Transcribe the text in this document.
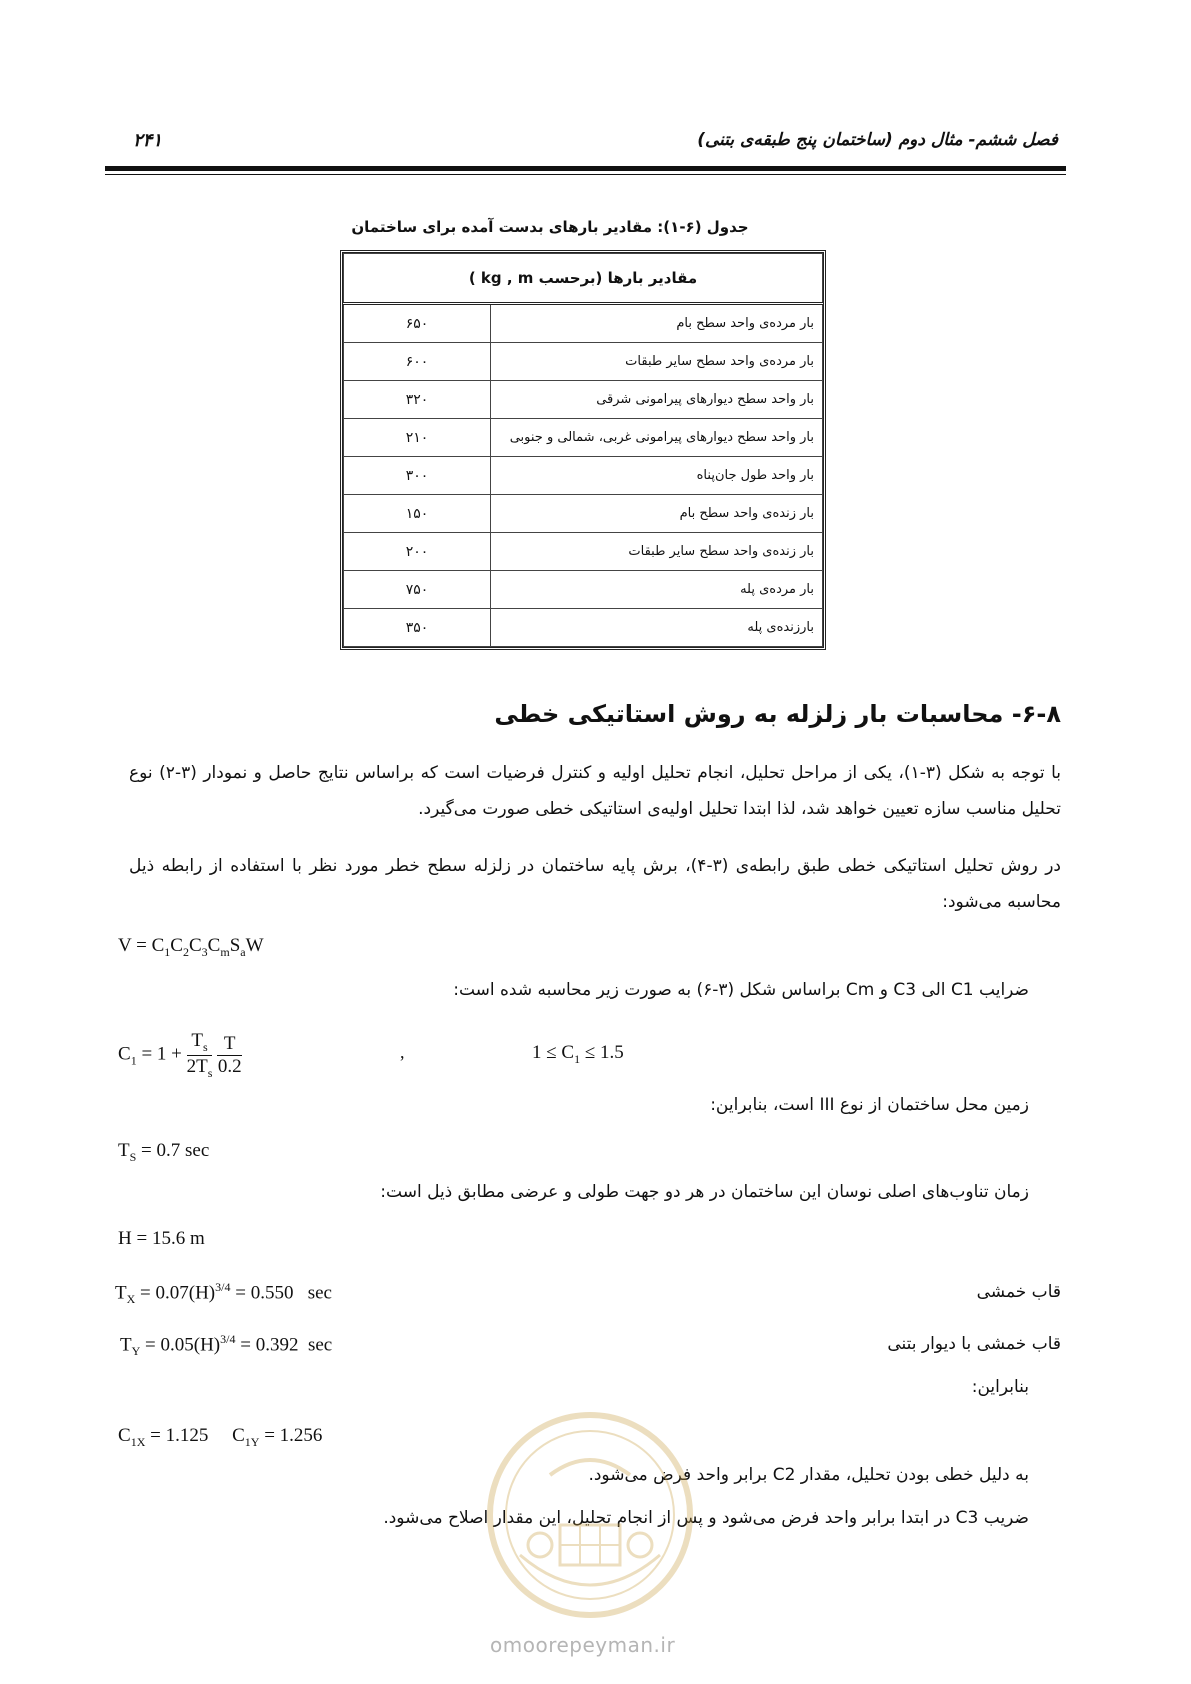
۲۴۱	فصل ششم- مثال دوم (ساختمان پنج طبقه‌ی بتنی)
جدول (۶-۱): مقادیر بارهای بدست آمده برای ساختمان
مقادیر بارها (برحسب kg , m )	
بار مرده‌ی واحد سطح بام	۶۵۰
بار مرده‌ی واحد سطح سایر طبقات	۶۰۰
بار واحد سطح دیوارهای پیرامونی شرقی	۳۲۰
بار واحد سطح دیوارهای پیرامونی غربی، شمالی و جنوبی	۲۱۰
بار واحد طول جان‌پناه	۳۰۰
بار زنده‌ی واحد سطح بام	۱۵۰
بار زنده‌ی واحد سطح سایر طبقات	۲۰۰
بار مرده‌ی پله	۷۵۰
بارزنده‌ی پله	۳۵۰
۶-۸- محاسبات بار زلزله به روش استاتیکی خطی
با توجه به شکل (۳-۱)، یکی از مراحل تحلیل، انجام تحلیل اولیه و کنترل فرضیات است که براساس نتایج حاصل و نمودار (۳-۲) نوع تحلیل مناسب سازه تعیین خواهد شد، لذا ابتدا تحلیل اولیه‌ی استاتیکی خطی صورت می‌گیرد.
در روش تحلیل استاتیکی خطی طبق رابطه‌ی (۳-۴)، برش پایه ساختمان در زلزله سطح خطر مورد نظر با استفاده از رابطه ذیل محاسبه می‌شود:
$V = C_1C_2C_3C_mS_aW$
ضرایب C1 الی C3 و Cm براساس شکل (۳-۶) به صورت زیر محاسبه شده است:
$C_1 = 1 + \frac{T_s}{2T_s}$
$\frac{T}{0.2}$	,	$1 \le C_1 \le 1.5$
زمین محل ساختمان از نوع III است، بنابراین:
$T_S = 0.7$ sec
زمان تناوب‌های اصلی نوسان این ساختمان در هر دو جهت طولی و عرضی مطابق ذیل است:
H = 15.6 m
$T_X = 0.07(H)^{3/4} = 0.550$ sec	قاب خمشی
$T_Y = 0.05(H)^{3/4} = 0.392$ sec	قاب خمشی با دیوار بتنی
بنابراین:
$C_{1X} = 1.125$     $C_{1Y} = 1.256$
به دلیل خطی بودن تحلیل، مقدار C2 برابر واحد فرض می‌شود.
ضریب C3 در ابتدا برابر واحد فرض می‌شود و پس از انجام تحلیل، این مقدار اصلاح می‌شود.
omoorepeyman.ir
